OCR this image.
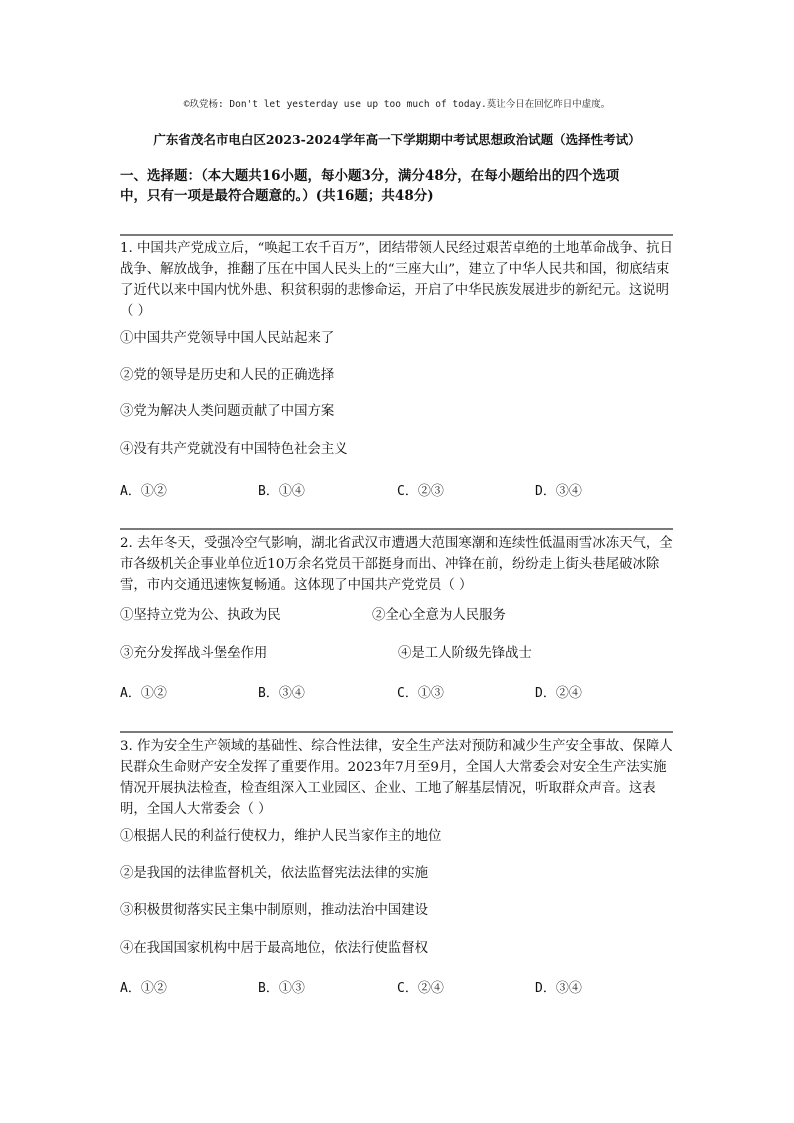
©玖党杨: Don't let yesterday use up too much of today.莫让今日在回忆昨日中虚度。
广东省茂名市电白区2023-2024学年高一下学期期中考试思想政治试题（选择性考试）
一、选择题：（本大题共16小题，每小题3分，满分48分，在每小题给出的四个选项
中，只有一项是最符合题意的。）(共16题；共48分)
1. 中国共产党成立后，“唤起工农千百万”，团结带领人民经过艰苦卓绝的土地革命战争、抗日战争、解放战争，推翻了压在中国人民头上的“三座大山”，建立了中华人民共和国，彻底结束了近代以来中国内忧外患、积贫积弱的悲惨命运，开启了中华民族发展进步的新纪元。这说明（ ）
①中国共产党领导中国人民站起来了
②党的领导是历史和人民的正确选择
③党为解决人类问题贡献了中国方案
④没有共产党就没有中国特色社会主义
A．①②	B．①④	C．②③	D．③④
2. 去年冬天，受强冷空气影响，湖北省武汉市遭遇大范围寒潮和连续性低温雨雪冰冻天气，全市各级机关企事业单位近10万余名党员干部挺身而出、冲锋在前，纷纷走上街头巷尾破冰除雪，市内交通迅速恢复畅通。这体现了中国共产党党员（ ）
①坚持立党为公、执政为民	②全心全意为人民服务
③充分发挥战斗堡垒作用	④是工人阶级先锋战士
A．①②	B．③④	C．①③	D．②④
3. 作为安全生产领域的基础性、综合性法律，安全生产法对预防和减少生产安全事故、保障人民群众生命财产安全发挥了重要作用。2023年7月至9月，全国人大常委会对安全生产法实施情况开展执法检查，检查组深入工业园区、企业、工地了解基层情况，听取群众声音。这表明，全国人大常委会（ ）
①根据人民的利益行使权力，维护人民当家作主的地位
②是我国的法律监督机关，依法监督宪法法律的实施
③积极贯彻落实民主集中制原则，推动法治中国建设
④在我国国家机构中居于最高地位，依法行使监督权
A．①②	B．①③	C．②④	D．③④
